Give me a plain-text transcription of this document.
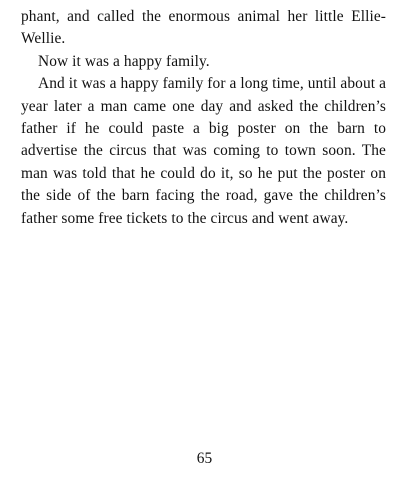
phant, and called the enormous animal her little Ellie-Wellie.

Now it was a happy family.

And it was a happy family for a long time, until about a year later a man came one day and asked the children’s father if he could paste a big poster on the barn to advertise the circus that was coming to town soon. The man was told that he could do it, so he put the poster on the side of the barn facing the road, gave the children’s father some free tickets to the circus and went away.

65
